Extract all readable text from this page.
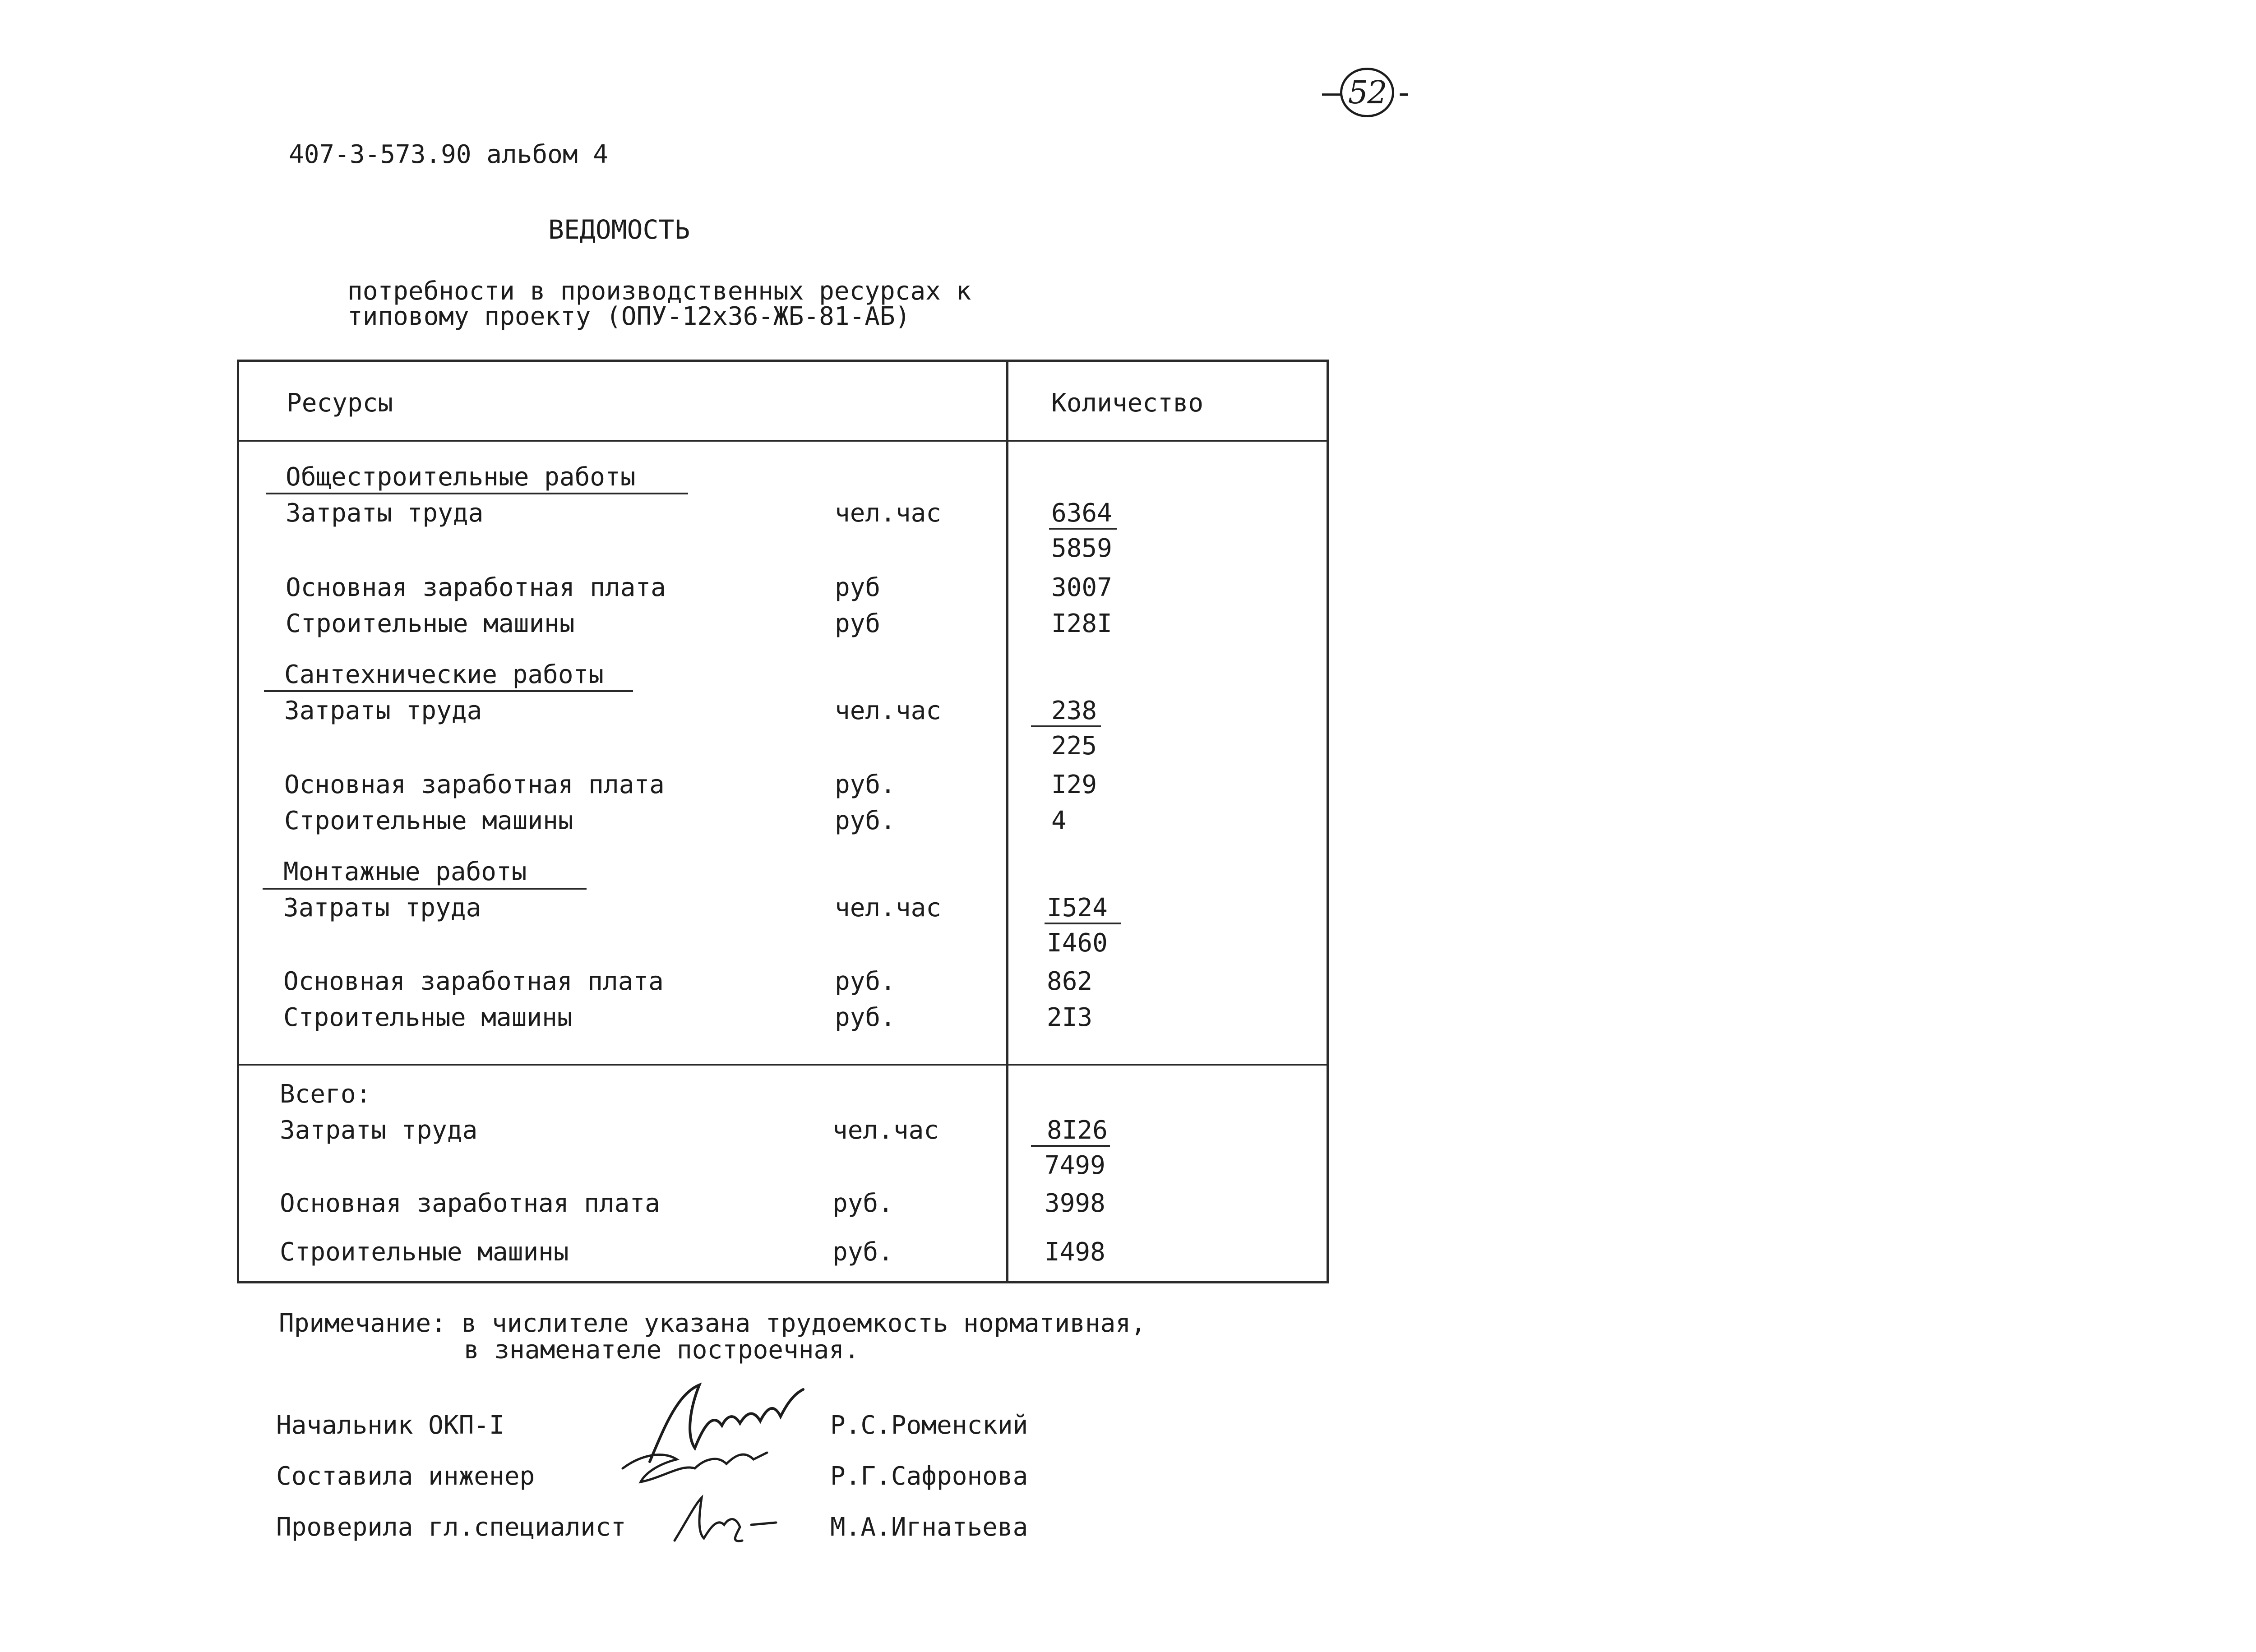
– 52 -
407-3-573.90 альбом 4
ВЕДОМОСТЬ
потребности в производственных ресурсах к
типовому проекту (ОПУ-12х36-ЖБ-81-АБ)
Ресурсы	Количество
Общестроительные работы
Затраты труда	чел.час	6364
5859
Основная заработная плата	руб	3007
Строительные машины	руб	I28I
Сантехнические работы
Затраты труда	чел.час	238
225
Основная заработная плата	руб.	I29
Строительные машины	руб.	4
Монтажные работы
Затраты труда	чел.час	I524
I460
Основная заработная плата	руб.	862
Строительные машины	руб.	2I3
Всего:
Затраты труда	чел.час	8I26
7499
Основная заработная плата	руб.	3998
Строительные машины	руб.	I498
Примечание: в числителе указана трудоемкость нормативная,
в знаменателе построечная.
Начальник ОКП-I	Р.С.Роменский
Составила инженер	Р.Г.Сафронова
Проверила гл.специалист	М.А.Игнатьева
